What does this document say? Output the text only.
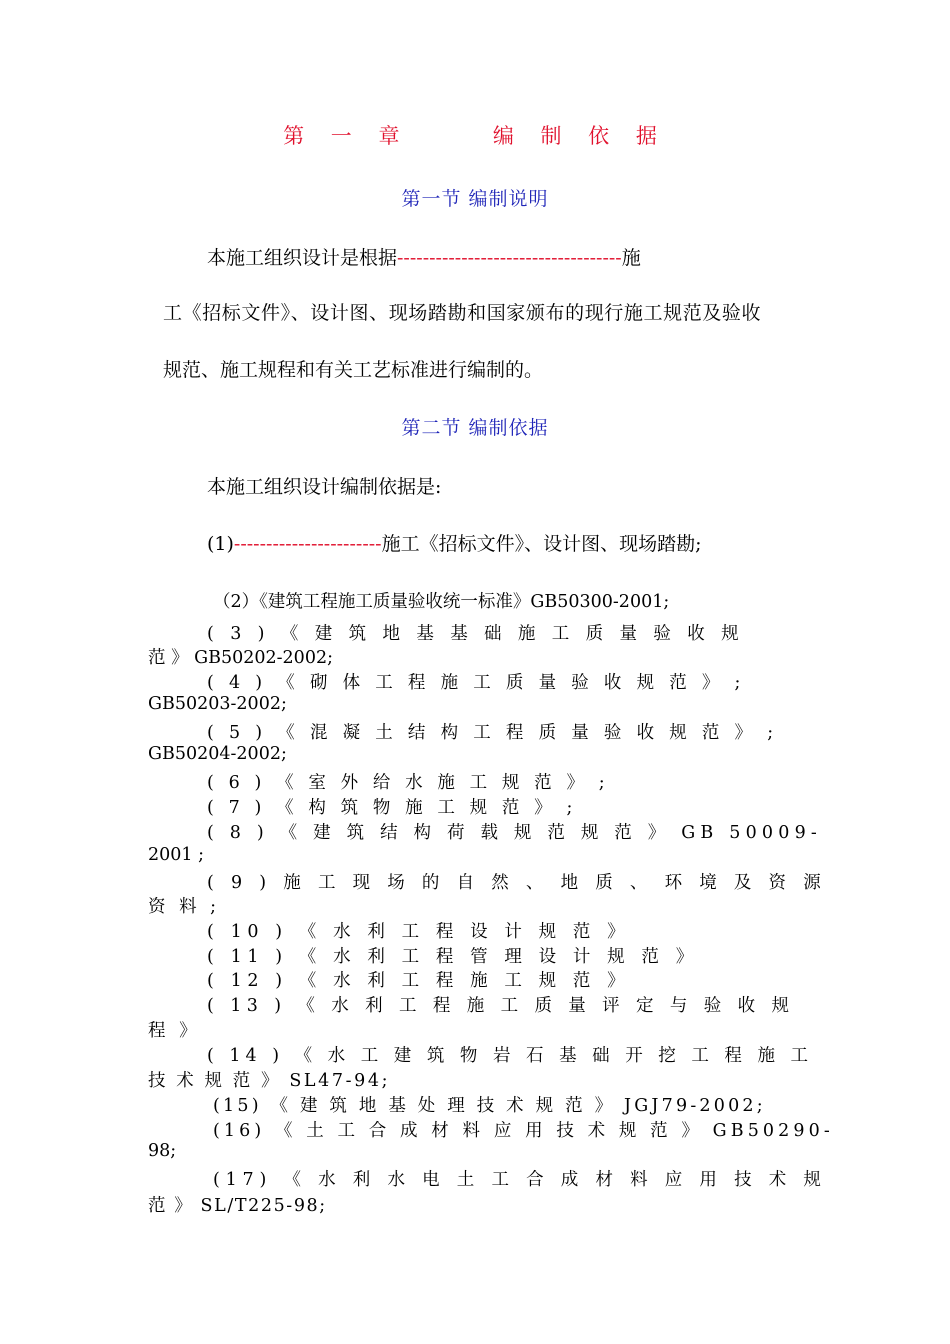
第 一 章     编 制 依 据
第一节 编制说明
本施工组织设计是根据-----------------------------------施
工《招标文件》、设计图、现场踏勘和国家颁布的现行施工规范及验收
规范、施工规程和有关工艺标准进行编制的。
第二节 编制依据
本施工组织设计编制依据是:
(1)-----------------------施工《招标文件》、设计图、现场踏勘;
（2）《建筑工程施工质量验收统一标准》GB50300-2001;
( 3 ) 《 建 筑 地 基 基 础 施 工 质 量 验 收 规
范 》 GB50202-2002;
( 4 ) 《 砌 体 工 程 施 工 质 量 验 收 规 范 》 ;
GB50203-2002;
( 5 ) 《 混 凝 土 结 构 工 程 质 量 验 收 规 范 》 ;
GB50204-2002;
( 6 ) 《 室 外 给 水 施 工 规 范 》 ;
( 7 ) 《 构 筑 物 施 工 规 范 》 ;
( 8 ) 《 建 筑 结 构 荷 载 规 范 规 范 》 GB 50009-
2001 ;
( 9 ) 施 工 现 场 的 自 然 、 地 质 、 环 境 及 资 源
资 料 ;
( 10 ) 《 水 利 工 程 设 计 规 范 》
( 11 ) 《 水 利 工 程 管 理 设 计 规 范 》
( 12 ) 《 水 利 工 程 施 工 规 范 》
( 13 ) 《 水 利 工 程 施 工 质 量 评 定 与 验 收 规
程 》
( 14 ) 《 水 工 建 筑 物 岩 石 基 础 开 挖 工 程 施 工
技 术 规 范 》 SL47-94;
(15) 《 建 筑 地 基 处 理 技 术 规 范 》 JGJ79-2002;
(16) 《 土 工 合 成 材 料 应 用 技 术 规 范 》 GB50290-
98;
(17) 《 水 利 水 电 土 工 合 成 材 料 应 用 技 术 规
范 》 SL/T225-98;
